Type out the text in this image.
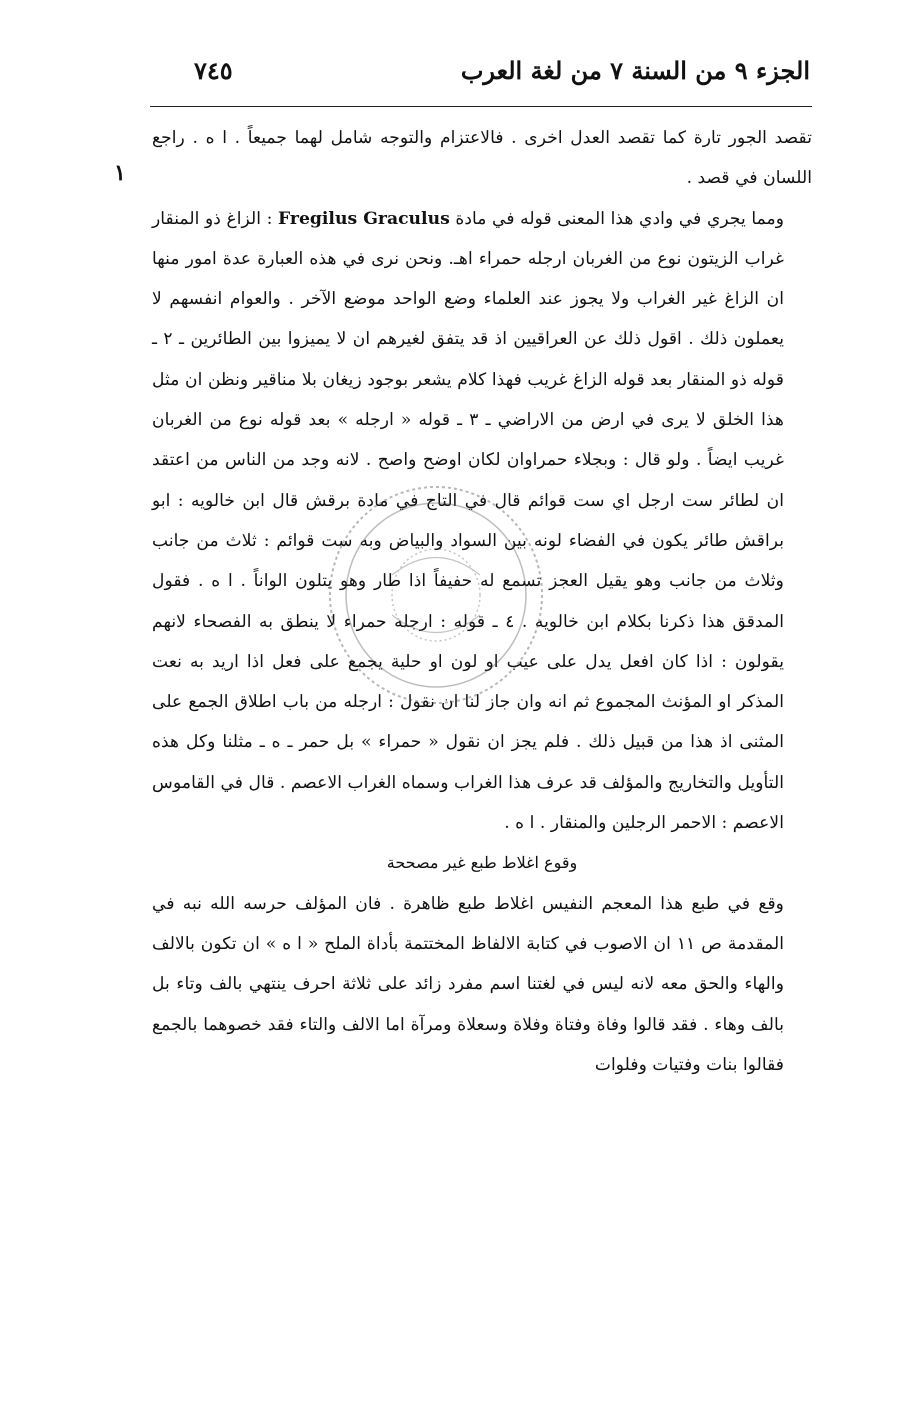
الجزء ٩ من السنة ٧ من لغة العرب
٧٤٥
١

تقصد الجور تارة كما تقصد العدل اخرى . فالاعتزام والتوجه شامل لهما جميعاً . ا ه . راجع اللسان في قصد .

ومما يجري في وادي هذا المعنى قوله في مادة Fregilus Graculus : الزاغ ذو المنقار غراب الزيتون نوع من الغربان ارجله حمراء اهـ. ونحن نرى في هذه العبارة عدة امور منها ان الزاغ غير الغراب ولا يجوز عند العلماء وضع الواحد موضع الآخر . والعوام انفسهم لا يعملون ذلك . اقول ذلك عن العراقيين اذ قد يتفق لغيرهم ان لا يميزوا بين الطائرين ـ ٢ ـ قوله ذو المنقار بعد قوله الزاغ غريب فهذا كلام يشعر بوجود زيغان بلا مناقير ونظن ان مثل هذا الخلق لا يرى في ارض من الاراضي ـ ٣ ـ قوله « ارجله » بعد قوله نوع من الغربان غريب ايضاً . ولو قال : وبجلاء حمراوان لكان اوضح واصح . لانه وجد من الناس من اعتقد ان لطائر ست ارجل اي ست قوائم قال في التاج في مادة برقش قال ابن خالويه : ابو براقش طائر يكون في الفضاء لونه بين السواد والبياض وبه ست قوائم : ثلاث من جانب وثلاث من جانب وهو يقيل العجز تسمع له حفيفاً اذا طار وهو يتلون الواناً . ا ه . فقول المدقق هذا ذكرنا بكلام ابن خالويه . ٤ ـ قوله : ارجله حمراء لا ينطق به الفصحاء لانهم يقولون : اذا كان افعل يدل على عيب او لون او حلية يجمع على فعل اذا اريد به نعت المذكر او المؤنث المجموع ثم انه وان جاز لنا ان نقول : ارجله من باب اطلاق الجمع على المثنى اذ هذا من قبيل ذلك . فلم يجز ان نقول « حمراء » بل حمر ـ ه ـ مثلنا وكل هذه التأويل والتخاريج والمؤلف قد عرف هذا الغراب وسماه الغراب الاعصم . قال في القاموس الاعصم : الاحمر الرجلين والمنقار . ا ه .

وقوع اغلاط طبع غير مصححة

وقع في طبع هذا المعجم النفيس اغلاط طبع ظاهرة . فان المؤلف حرسه الله نبه في المقدمة ص ١١ ان الاصوب في كتابة الالفاظ المختتمة بأداة الملح « ا ه » ان تكون بالالف والهاء والحق معه لانه ليس في لغتنا اسم مفرد زائد على ثلاثة احرف ينتهي بالف وتاء بل بالف وهاء . فقد قالوا وفاة وفتاة وفلاة وسعلاة ومرآة اما الالف والتاء فقد خصوهما بالجمع فقالوا بنات وفتيات وفلوات
